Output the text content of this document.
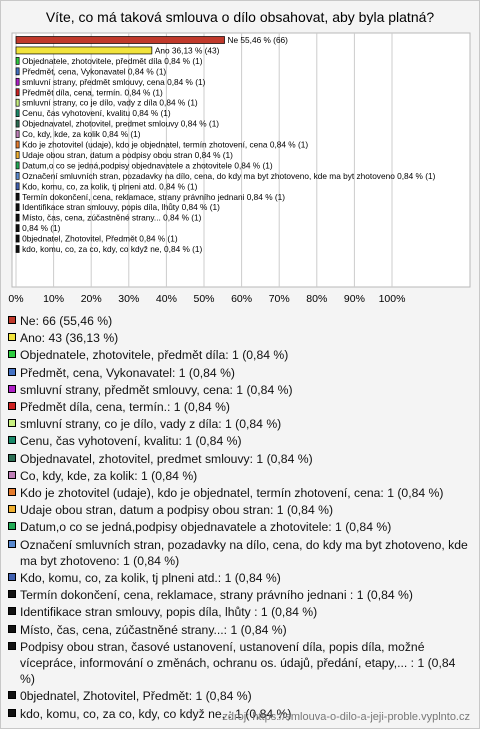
Víte, co má taková smlouva o dílo obsahovat, aby byla platná?
0% 10% 20% 30% 40% 50% 60% 70% 80% 90% 100%
Ne 55,46 % (66)
Ano 36,13 % (43)
Objednatele, zhotovitele, předmět díla 0,84 % (1)
Předmět, cena, Vykonavatel 0,84 % (1)
smluvní strany, předmět smlouvy, cena 0,84 % (1)
Předmět díla, cena, termín. 0,84 % (1)
smluvní strany, co je dílo, vady z díla 0,84 % (1)
Cenu, čas vyhotovení, kvalitu 0,84 % (1)
Objednavatel, zhotovitel, predmet smlouvy 0,84 % (1)
Co, kdy, kde, za kolik 0,84 % (1)
Kdo je zhotovitel (udaje), kdo je objednatel, termín zhotovení, cena 0,84 % (1)
Udaje obou stran, datum a podpisy obou stran 0,84 % (1)
Datum,o co se jedná,podpisy objednavatele a zhotovitele 0,84 % (1)
Označení smluvních stran, pozadavky na dílo, cena, do kdy ma byt zhotoveno, kde ma byt zhotoveno 0,84 % (1)
Kdo, komu, co, za kolik, tj plneni atd. 0,84 % (1)
Termín dokončení, cena, reklamace, strany právního jednani 0,84 % (1)
Identifikace stran smlouvy, popis díla, lhůty 0,84 % (1)
Místo, čas, cena, zúčastněné strany... 0,84 % (1)
0,84 % (1)
0bjednatel, Zhotovitel, Předmět 0,84 % (1)
kdo, komu, co, za co, kdy, co když ne, 0,84 % (1)
Ne: 66 (55,46 %)
Ano: 43 (36,13 %)
Objednatele, zhotovitele, předmět díla: 1 (0,84 %)
Předmět, cena, Vykonavatel: 1 (0,84 %)
smluvní strany, předmět smlouvy, cena: 1 (0,84 %)
Předmět díla, cena, termín.: 1 (0,84 %)
smluvní strany, co je dílo, vady z díla: 1 (0,84 %)
Cenu, čas vyhotovení, kvalitu: 1 (0,84 %)
Objednavatel, zhotovitel, predmet smlouvy: 1 (0,84 %)
Co, kdy, kde, za kolik: 1 (0,84 %)
Kdo je zhotovitel (udaje), kdo je objednatel, termín zhotovení, cena: 1 (0,84 %)
Udaje obou stran, datum a podpisy obou stran: 1 (0,84 %)
Datum,o co se jedná,podpisy objednavatele a zhotovitele: 1 (0,84 %)
Označení smluvních stran, pozadavky na dílo, cena, do kdy ma byt zhotoveno, kde ma byt zhotoveno: 1 (0,84 %)
Kdo, komu, co, za kolik, tj plneni atd.: 1 (0,84 %)
Termín dokončení, cena, reklamace, strany právního jednani : 1 (0,84 %)
Identifikace stran smlouvy, popis díla, lhůty : 1 (0,84 %)
Místo, čas, cena, zúčastněné strany...: 1 (0,84 %)
Podpisy obou stran, časové ustanovení, ustanovení díla, popis díla, možné vícepráce, informování o změnách, ochranu os. údajů, předání, etapy,... : 1 (0,84 %)
0bjednatel, Zhotovitel, Předmět: 1 (0,84 %)
kdo, komu, co, za co, kdy, co když ne, : 1 (0,84 %)
zdroj: https://smlouva-o-dilo-a-jeji-proble.vyplnto.cz
